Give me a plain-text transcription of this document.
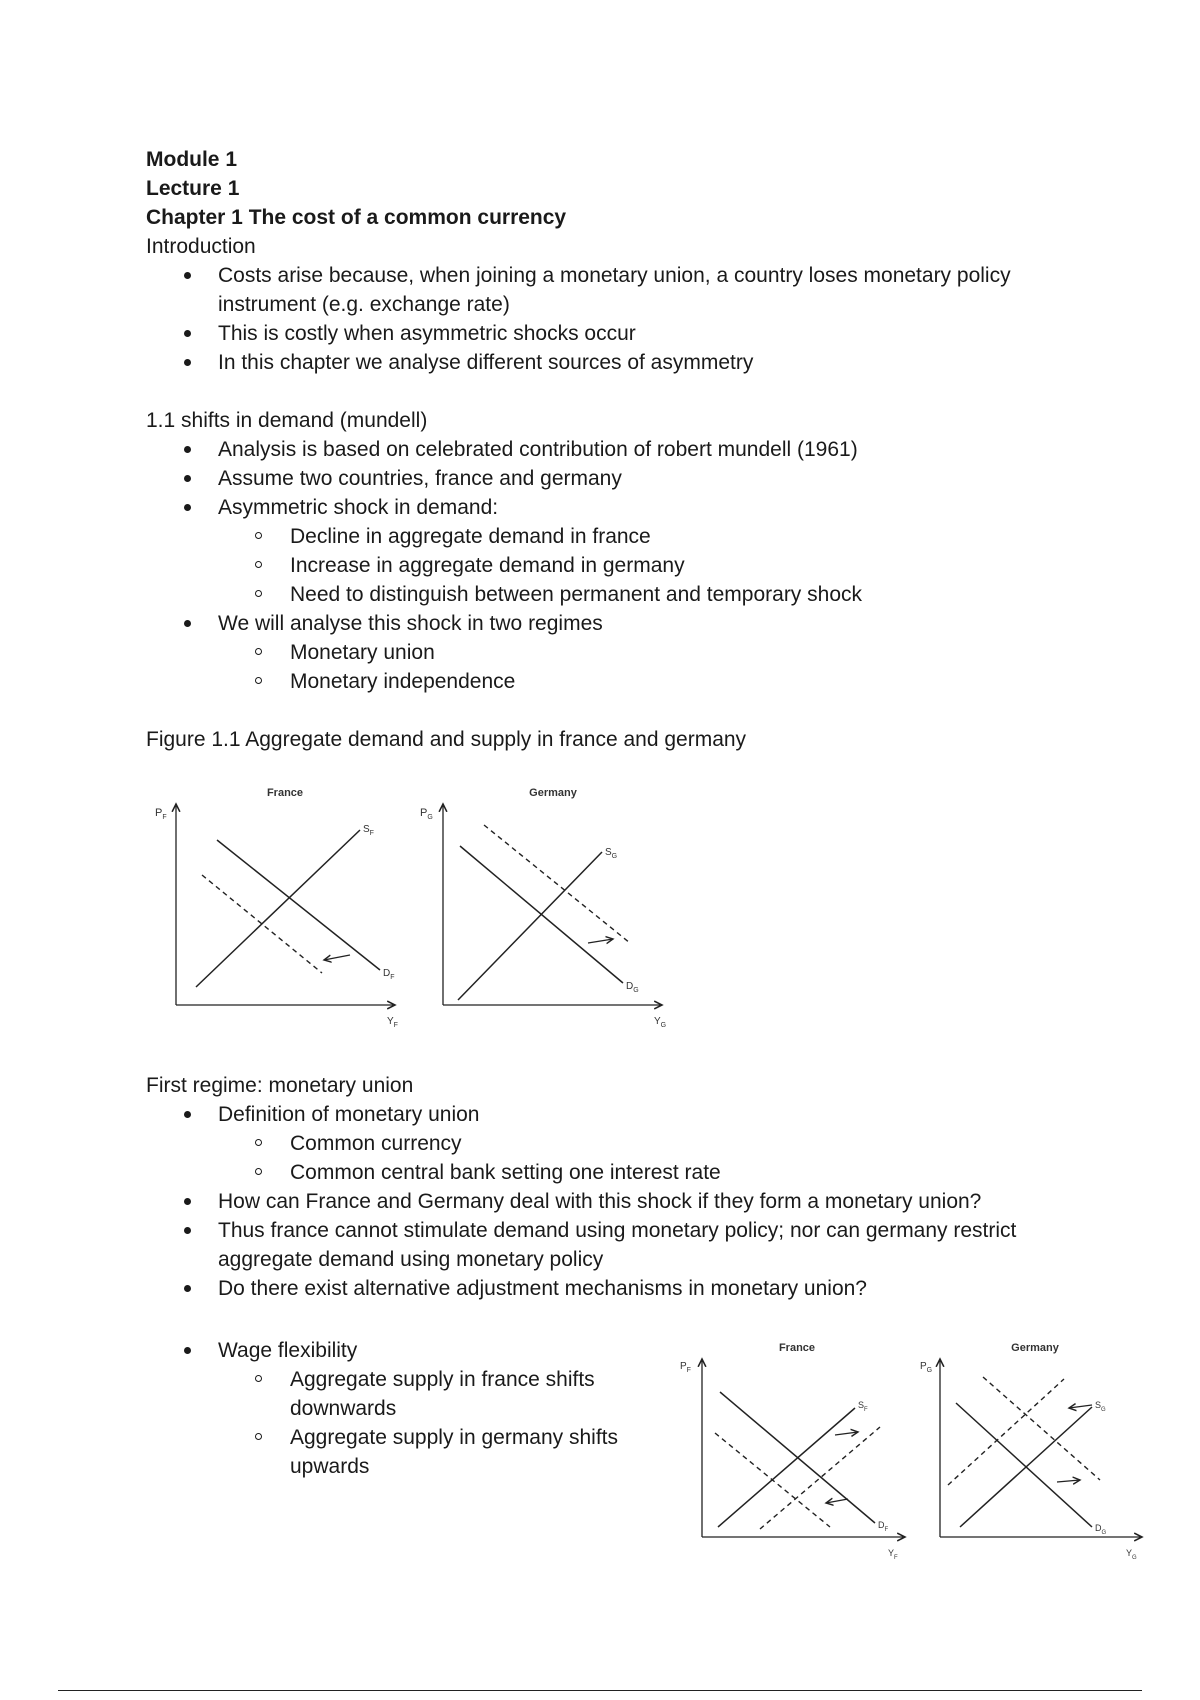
Module 1

Lecture 1

Chapter 1 The cost of a common currency

Introduction

Costs arise because, when joining a monetary union, a country loses monetary policy instrument (e.g. exchange rate)
This is costly when asymmetric shocks occur
In this chapter we analyse different sources of asymmetry

1.1 shifts in demand (mundell)

Analysis is based on celebrated contribution of robert mundell (1961)
Assume two countries, france and germany
Asymmetric shock in demand:
Decline in aggregate demand in france
Increase in aggregate demand in germany
Need to distinguish between permanent and temporary shock
We will analyse this shock in two regimes
Monetary union
Monetary independence

Figure 1.1 Aggregate demand and supply in france and germany

France
$P_F$
$S_F$
$D_F$
$Y_F$
Germany
$P_G$
$S_G$
$D_G$
$Y_G$

First regime: monetary union

Definition of monetary union
Common currency
Common central bank setting one interest rate
How can France and Germany deal with this shock if they form a monetary union?
Thus france cannot stimulate demand using monetary policy; nor can germany restrict aggregate demand using monetary policy
Do there exist alternative adjustment mechanisms in monetary union?
Wage flexibility
Aggregate supply in france shifts downwards
Aggregate supply in germany shifts upwards
France
$P_F$
$S_F$
$D_F$
$Y_F$
Germany
$P_G$
$S_G$
$D_G$
$Y_G$
